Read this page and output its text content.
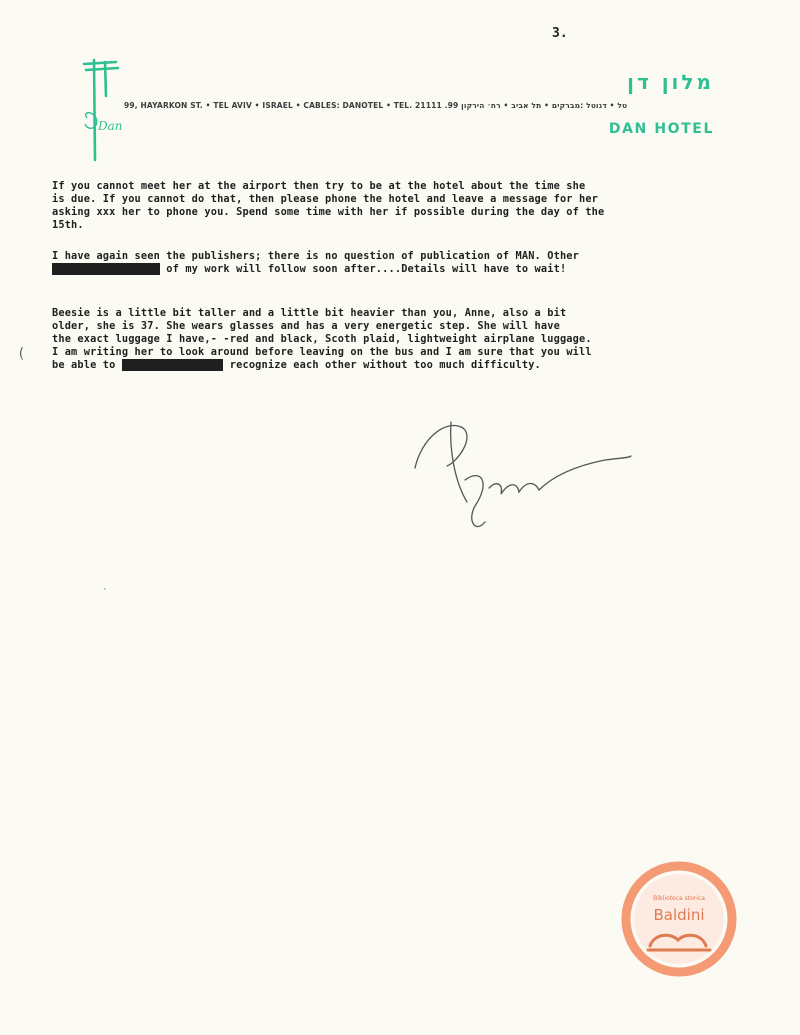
3.
Dan
מלון דן
99, HAYARKON ST. • TEL AVIV • ISRAEL • CABLES: DANOTEL • TEL. 21111 .טל • דנוטל :מברקים • תל אביב • רח׳ הירקון 99
DAN HOTEL
If you cannot meet her at the airport then try to be at the hotel about the time she
is due. If you cannot do that, then please phone the hotel and leave a message for her
asking xxx her to phone you. Spend some time with her if possible during the day of the
15th.
I have again seen the publishers; there is no question of publication of MAN. Other
xxxxxxxxxxxxxxxxx of my work will follow soon after....Details will have to wait!
Beesie is a little bit taller and a little bit heavier than you, Anne, also a bit
older, she is 37. She wears glasses and has a very energetic step. She will have
the exact luggage I have,- -red and black, Scoth plaid, lightweight airplane luggage.
I am writing her to look around before leaving on the bus and I am sure that you will
be able to xxxxxxxxxxxxxxxx recognize each other without too much difficulty.
(
·
Biblioteca storica
Baldini
